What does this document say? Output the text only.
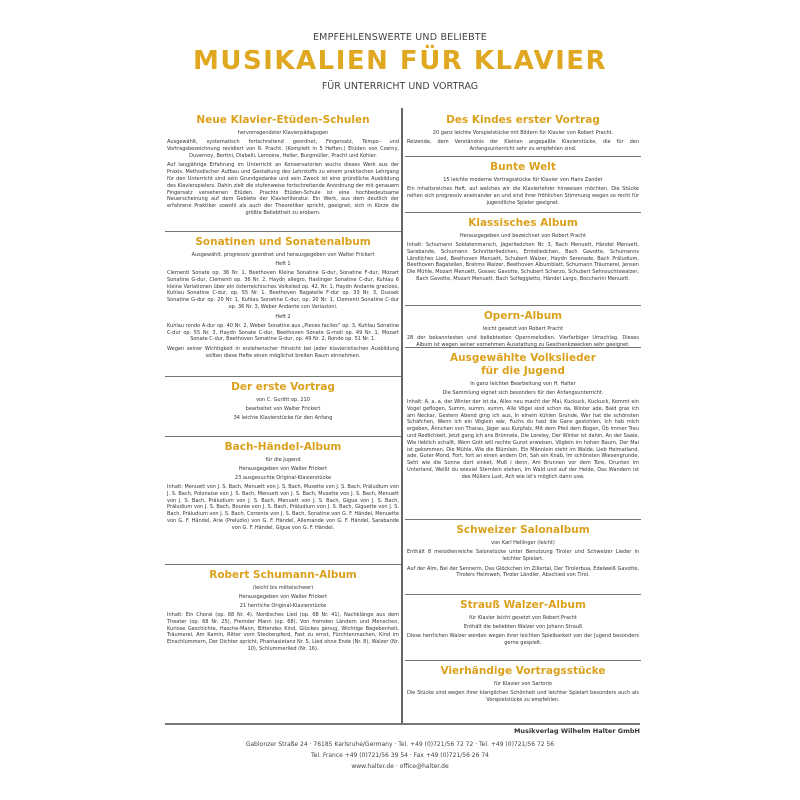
EMPFEHLENSWERTE UND BELIEBTE
MUSIKALIEN FÜR KLAVIER
FÜR UNTERRICHT UND VORTRAG
Neue Klavier-Etüden-Schulen
hervorragendster Klavierpädagogen
Ausgewählt, systematisch fortschreitend geordnet, Fingersatz, Tempo- und Vortragsbezeichnung revidiert von R. Pracht. (Komplett in 5 Heften.) Etüden von Czerny, Duvernoy, Bertini, Diabelli, Lemoine, Heller, Burgmüller, Pracht und Kohler.
Auf langjährige Erfahrung im Unterricht an Konservatorien wuchs dieses Werk aus der Praxis. Methodischer Aufbau und Gestaltung des Lehrstoffs zu einem praktischen Lehrgang für den Unterricht sind sein Grundgedanke und sein Zweck ist eine gründliche Ausbildung des Klavierspielers. Dahin zielt die stufenweise fortschreitende Anordnung der mit genauem Fingersatz versehenen Etüden. Prachts Etüden-Schule ist eine hochbedeutsame Neuerscheinung auf dem Gebiete der Klavierliteratur. Ein Werk, aus dem deutlich der erfahrene Praktiker sowohl als auch der Theoretiker spricht, geeignet, sich in Kürze die größte Beliebtheit zu erobern.
Sonatinen und Sonatenalbum
Ausgewählt, progressiv geordnet und herausgegeben von Walter Frickert
Heft 1
Clementi Sonate op. 36 Nr. 1, Beethoven Kleine Sonatine G-dur, Sonatine F-dur, Mozart Sonatine G-dur, Clementi op. 36 Nr. 2, Haydn allegro, Haslinger Sonatine C-dur, Kuhlau 6 kleine Variationen über ein österreichisches Volkslied op. 42, Nr. 1, Haydn Andante gracioso, Kuhlau Sonatine C-dur, op. 55 Nr. 1, Beethoven Bagatelle F-dur op. 33 Nr. 3, Dussek Sonatine G-dur op. 20 Nr. 1, Kuhlau Sonatine C-dur, op. 20 Nr. 1, Clementi Sonatine C-dur op. 36 Nr. 3, Weber Andante con Variazioni.
Heft 2
Kuhlau rondo A-dur op. 40 Nr. 2, Weber Sonatine aus „Pieces faciles“ op. 3, Kuhlau Sonatine C-dur op. 55 Nr. 3, Haydn Sonate C-dur, Beethoven Sonate G-moll op. 49 Nr. 1, Mozart Sonate C-dur, Beethoven Sonatine G-dur, op. 49 Nr. 2, Rondo op. 51 Nr. 1.
Wegen seiner Wichtigkeit in erzieherischer Hinsicht bei jeder klavieristischen Ausbildung sollten diese Hefte einen möglichst breiten Raum einnehmen.
Der erste Vortrag
von C. Gurlitt op. 210
bearbeitet von Walter Frickert
34 leichte Klavierstücke für den Anfang
Bach-Händel-Album
für die Jugend
Herausgegeben von Walter Frickert
23 ausgesuchte Original-Klavierstücke
Inhalt: Menuett von J. S. Bach, Menuett von J. S. Bach, Musette von J. S. Bach, Präludium von J. S. Bach, Polonaise von J. S. Bach, Menuett von J. S. Bach, Musette von J. S. Bach, Menuett von J. S. Bach, Präludium von J. S. Bach, Menuett von J. S. Bach, Gigue von J. S. Bach, Präludium von J. S. Bach, Bourée von J. S. Bach, Präludium von J. S. Bach, Giguette von J. S. Bach, Präludium von J. S. Bach, Corrente von J. S. Bach, Sonatine von G. F. Händel, Menuette von G. F. Händel, Arie (Preludio) von G. F. Händel, Allemande von G. F. Händel, Sarabande von G. F. Händel, Gigue von G. F. Händel.
Robert Schumann-Album
(leicht bis mittelschwer)
Herausgegeben von Walter Frickert
21 herrliche Original-Klavierstücke
Inhalt: Ein Choral (op. 68 Nr. 4), Nordisches Lied (op. 68 Nr. 41), Nachklänge aus dem Theater (op. 68 Nr. 25), Fremder Mann (op. 68), Von fremden Ländern und Menschen, Kuriose Geschichte, Hasche-Mann, Bittendes Kind, Glückes genug, Wichtige Begebenheit, Träumerei, Am Kamin, Ritter vom Steckenpferd, Fast zu ernst, Fürchtenmachen, Kind im Einschlummern, Der Dichter spricht, Phantasietanz Nr. 5, Lied ohne Ende (Nr. 8), Walzer (Nr. 10), Schlummerlied (Nr. 16).
Des Kindes erster Vortrag
20 ganz leichte Vorspielstücke mit Bildern für Klavier von Robert Pracht.
Reizende, dem Verständnis der Kleinen angepaßte Klavierstücke, die für den Anfangsunterricht sehr zu empfehlen sind.
Bunte Welt
15 leichte moderne Vortragsstücke für Klavier von Hans Zander
Ein inhaltsreiches Heft, auf welches wir die Klavierlehrer hinweisen möchten. Die Stücke reihen sich progressiv aneinander an und sind ihrer fröhlichen Stimmung wegen so recht für jugendliche Spieler geeignet.
Klassisches Album
Herausgegeben und bezeichnet von Robert Pracht
Inhalt: Schumann Soldatenmarsch, Jägerliedchen Nr. 3, Bach Menuett, Händel Menuett, Sarabande, Schumann Schnitterliedchen, Ernteliedchen, Bach Gavotte, Schumanns Ländliches Lied, Beethoven Menuett, Schubert Walzer, Haydn Serenade, Bach Präludium, Beethoven Bagatellen, Brahms Walzer, Beethoven Albumblatt, Schumann Träumerei, Jensen Die Mühle, Mozart Menuett, Gossec Gavotte, Schubert Scherzo, Schubert Sehnsuchtswalzer, Bach Gavotte, Mozart Menuett, Bach Solfeggietto, Händel Largo, Boccherini Menuett.
Opern-Album
leicht gesetzt von Robert Pracht
28 der bekanntesten und beliebtesten Opernmelodien. Vierfarbiger Umschlag. Dieses Album ist wegen seiner vornehmen Ausstattung zu Geschenkzwecken sehr geeignet.
Ausgewählte Volkslieder
für die Jugend
In ganz leichter Bearbeitung von H. Halter
Die Sammlung eignet sich besonders für den Anfangsunterricht.
Inhalt: A, a, a, der Winter der ist da, Alles neu macht der Mai, Kuckuck, Kuckuck, Kommt ein Vogel geflogen, Summ, summ, summ, Alle Vögel sind schon da, Winter ade, Bald gras ich am Neckar, Gestern Abend ging ich aus, In einem kühlen Grunde, Wer hat die schönsten Schäfchen, Wenn ich ein Vöglein wär, Fuchs du hast die Gans gestohlen, Ich hab mich ergeben, Ännchen von Tharau, Jäger aus Kurpfalz, Mit dem Pfeil dem Bogen, Üb immer Treu und Redlichkeit, Jetzt gang ich ans Brünnele, Die Loreley, Der Winter ist dahin, An der Saale, Wie lieblich schallt, Wem Gott will rechte Gunst erweisen, Vöglein im hohen Baum, Der Mai ist gekommen, Die Mühle, Wie die Blümlein, Ein Männlein steht im Walde, Lieb Heimatland, ade, Guter Mond, Fort, fort an einen andern Ort, Sah ein Knab, Im schönsten Wiesengrunde, Seht wie die Sonne dort sinket, Muß i denn, Am Brunnen vor dem Tore, Drunten im Unterland, Weißt du wieviel Sternlein stehen, Im Wald und auf der Heide, Das Wandern ist des Müllers Lust, Ach wie ist's möglich dann usw.
Schweizer Salonalbum
von Karl Hellinger (leicht)
Enthält 8 melodienreiche Salonstücke unter Benutzung Tiroler und Schweizer Lieder in leichter Spielart.
Auf der Alm, Bei der Sennerin, Das Glöckchen im Zillertal, Der Tirolerbua, Edelweiß Gavotte, Tirolers Heimweh, Tiroler Ländler, Abschied von Tirol.
Strauß Walzer-Album
für Klavier leicht gesetzt von Robert Pracht
Enthält die beliebten Walzer von Johann Strauß
Diese herrlichen Walzer werden wegen ihrer leichten Spielbarkeit von der Jugend besonders gerne gespielt.
Vierhändige Vortragsstücke
für Klavier von Sartorio
Die Stücke sind wegen ihrer klanglichen Schönheit und leichter Spielart besonders auch als Vorspielstücke zu empfehlen.
Musikverlag Wilhelm Halter GmbH
Gablonzer Straße 24 · 76185 Karlsruhe/Germany · Tel. +49 (0)721/56 72 72 · Tel. +49 (0)721/56 72 56
Tel. France +49 (0)721/56 39 54 · Fax +49 (0)721/56 26 74
www.halter.de · office@halter.de
